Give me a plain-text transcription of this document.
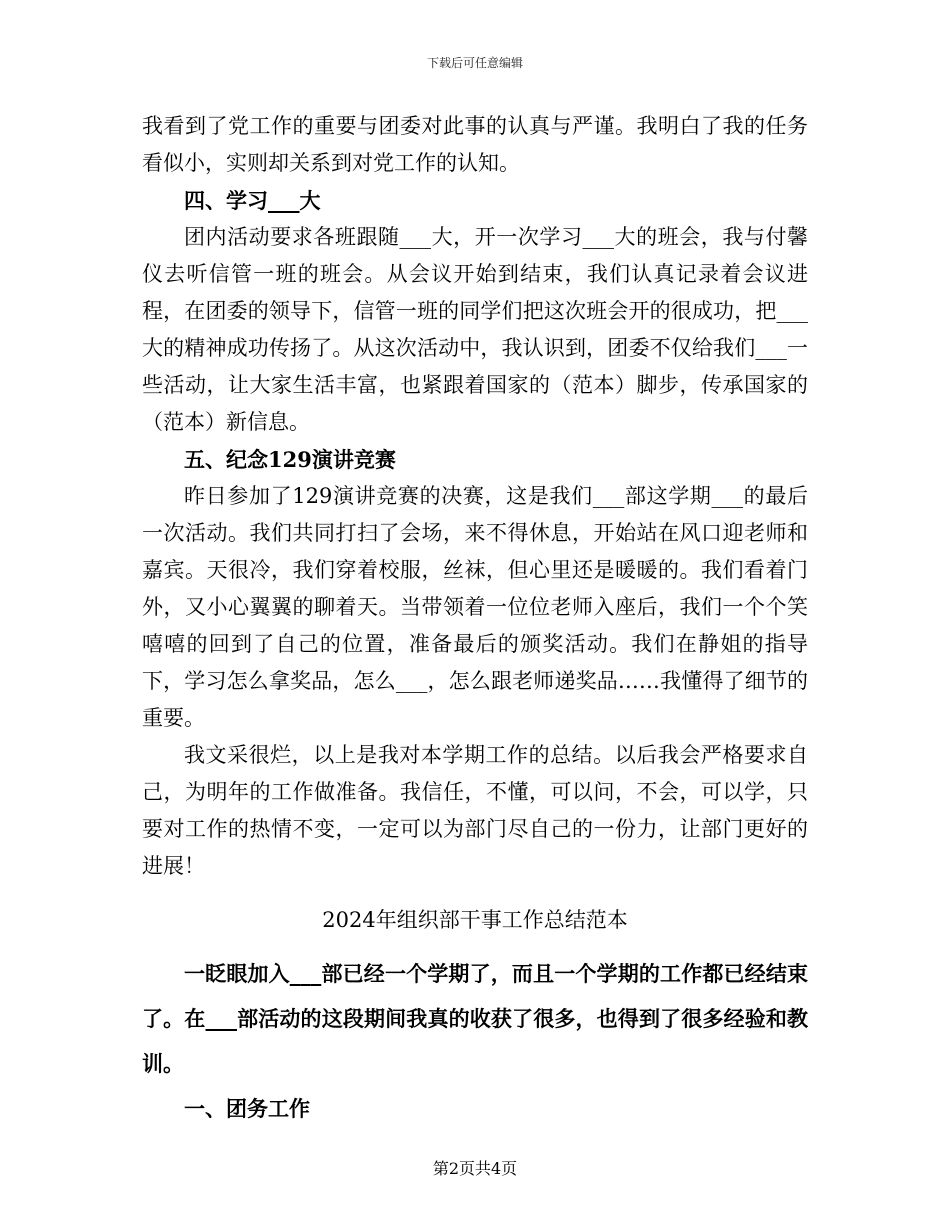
下载后可任意编辑

我看到了党工作的重要与团委对此事的认真与严谨。我明白了我的任务看似小，实则却关系到对党工作的认知。

四、学习___大

团内活动要求各班跟随___大，开一次学习___大的班会，我与付馨仪去听信管一班的班会。从会议开始到结束，我们认真记录着会议进程，在团委的领导下，信管一班的同学们把这次班会开的很成功，把___大的精神成功传扬了。从这次活动中，我认识到，团委不仅给我们___一些活动，让大家生活丰富，也紧跟着国家的（范本）脚步，传承国家的（范本）新信息。

五、纪念129演讲竞赛

昨日参加了129演讲竞赛的决赛，这是我们___部这学期___的最后一次活动。我们共同打扫了会场，来不得休息，开始站在风口迎老师和嘉宾。天很冷，我们穿着校服，丝袜，但心里还是暖暖的。我们看着门外，又小心翼翼的聊着天。当带领着一位位老师入座后，我们一个个笑嘻嘻的回到了自己的位置，准备最后的颁奖活动。我们在静姐的指导下，学习怎么拿奖品，怎么___，怎么跟老师递奖品……我懂得了细节的重要。

我文采很烂，以上是我对本学期工作的总结。以后我会严格要求自己，为明年的工作做准备。我信任，不懂，可以问，不会，可以学，只要对工作的热情不变，一定可以为部门尽自己的一份力，让部门更好的进展！

2024年组织部干事工作总结范本

一眨眼加入___部已经一个学期了，而且一个学期的工作都已经结束了。在___部活动的这段期间我真的收获了很多，也得到了很多经验和教训。

一、团务工作

第2页共4页
